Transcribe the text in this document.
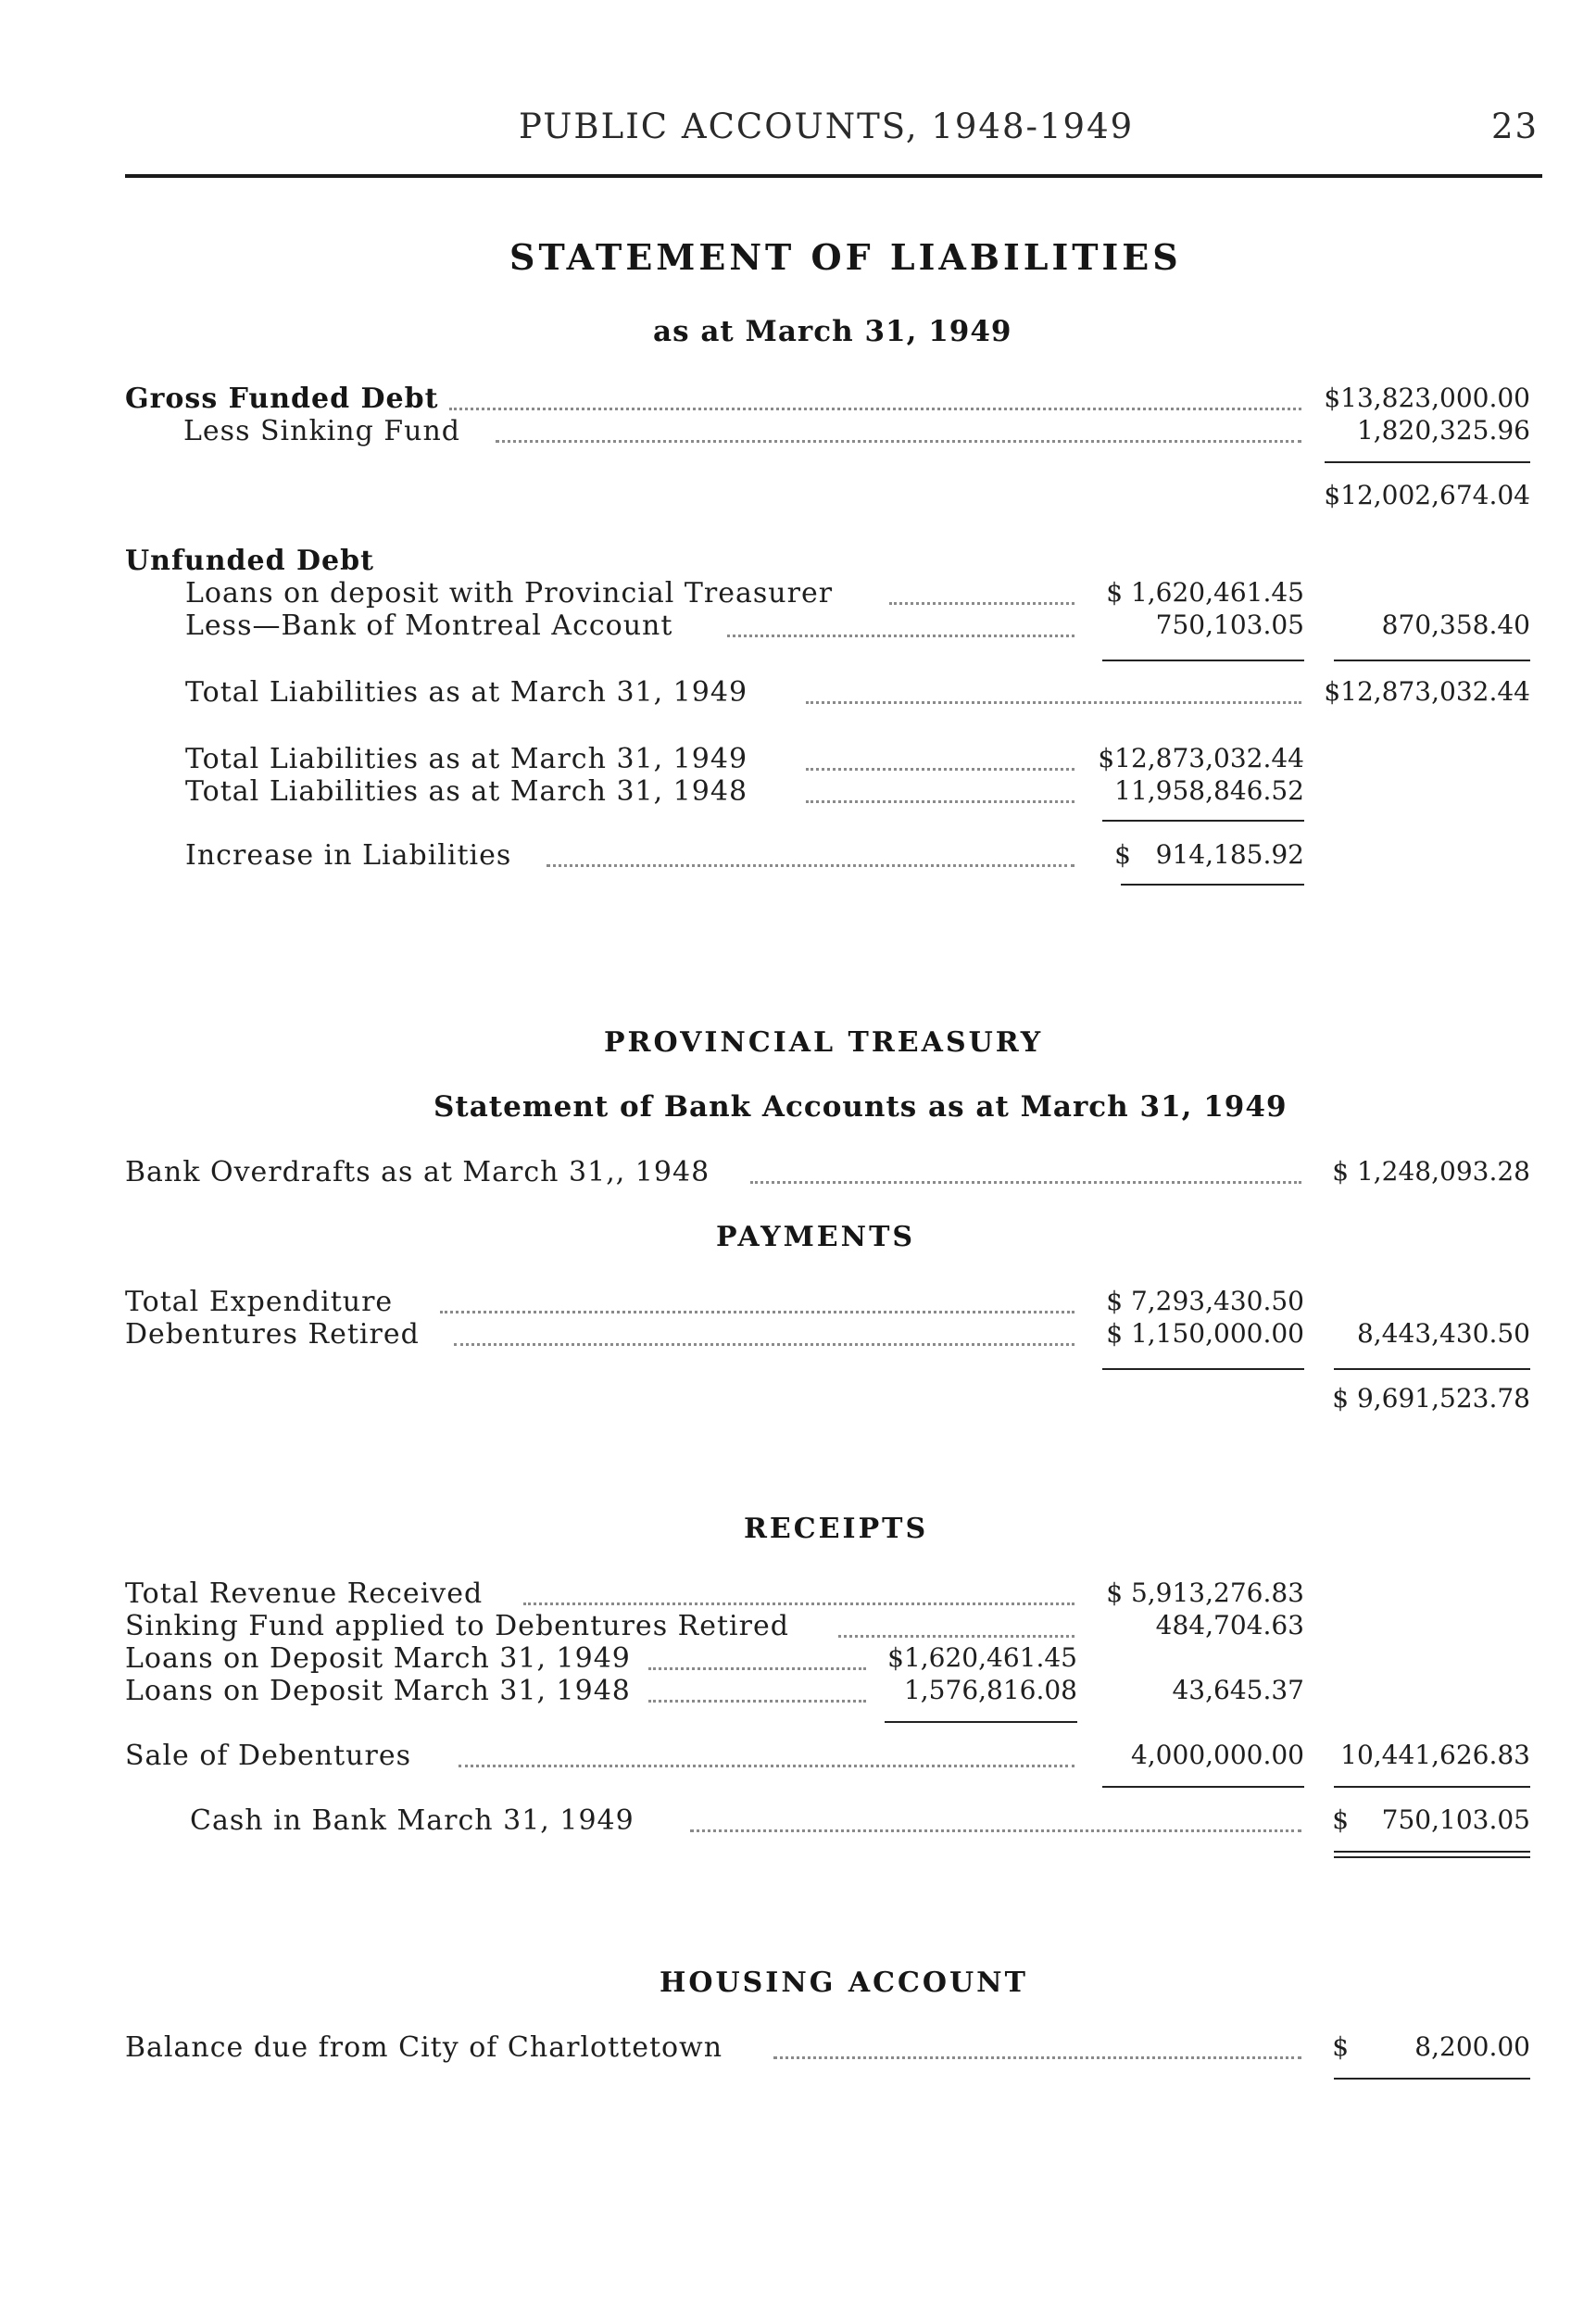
PUBLIC ACCOUNTS, 1948-1949	23
STATEMENT OF LIABILITIES
as at March 31, 1949
Gross Funded Debt	$13,823,000.00
Less Sinking Fund	1,820,325.96
$12,002,674.04
Unfunded Debt
Loans on deposit with Provincial Treasurer	$ 1,620,461.45
Less—Bank of Montreal Account	750,103.05	870,358.40
Total Liabilities as at March 31, 1949	$12,873,032.44
Total Liabilities as at March 31, 1949	$12,873,032.44
Total Liabilities as at March 31, 1948	11,958,846.52
Increase in Liabilities	$   914,185.92
PROVINCIAL TREASURY
Statement of Bank Accounts as at March 31, 1949
Bank Overdrafts as at March 31,, 1948	$ 1,248,093.28
PAYMENTS
Total Expenditure	$ 7,293,430.50
Debentures Retired	$ 1,150,000.00	8,443,430.50
$ 9,691,523.78
RECEIPTS
Total Revenue Received	$ 5,913,276.83
Sinking Fund applied to Debentures Retired	484,704.63
Loans on Deposit March 31, 1949	$1,620,461.45
Loans on Deposit March 31, 1948	1,576,816.08	43,645.37
Sale of Debentures	4,000,000.00	10,441,626.83
Cash in Bank March 31, 1949	$    750,103.05
HOUSING ACCOUNT
Balance due from City of Charlottetown	$        8,200.00
